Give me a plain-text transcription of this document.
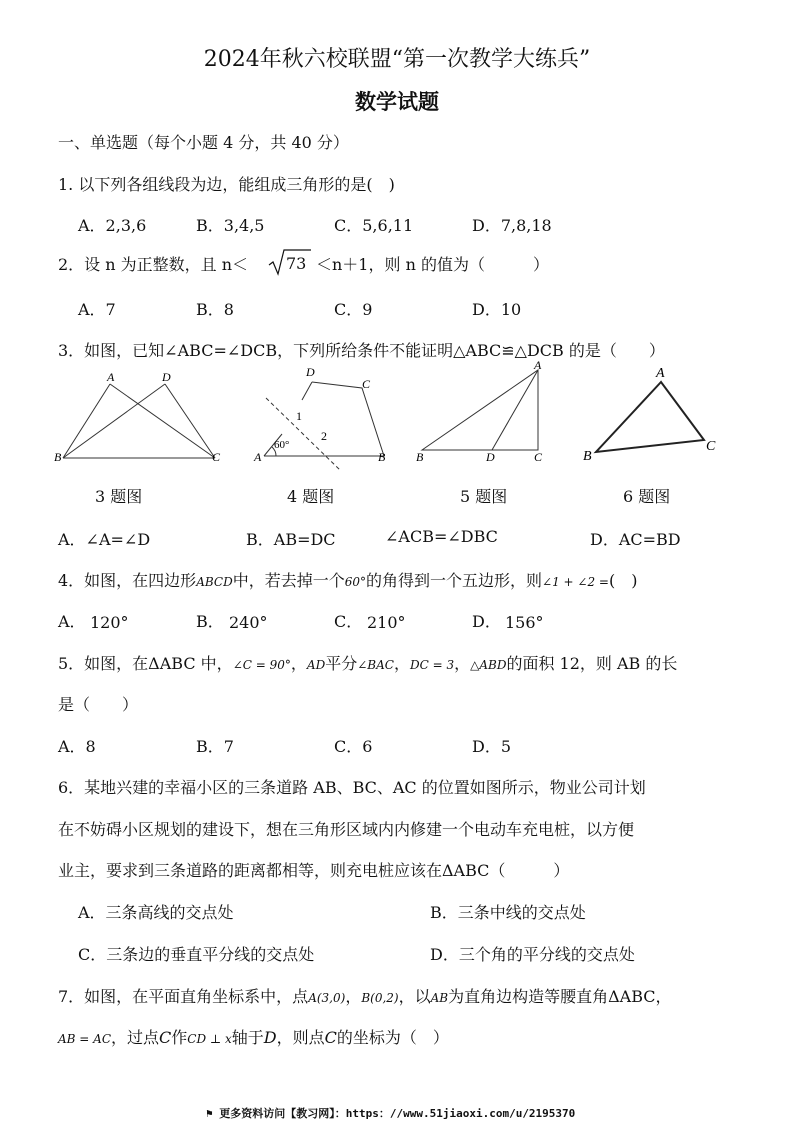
2024年秋六校联盟“第一次教学大练兵”
数学试题
一、单选题（每个小题 4 分，共 40 分）
1. 以下列各组线段为边，能组成三角形的是(　)
A．2,3,6	B．3,4,5	C．5,6,11	D．7,8,18
2．设 n 为正整数，且 n＜ 73 ＜n＋1，则 n 的值为（　　　）
A．7	B．8	C．9	D．10
3．如图，已知∠ABC=∠DCB，下列所给条件不能证明△ABC≌△DCB 的是（　　）
A	D
B	C
D
C
1
60°
2
A	B
A
B	D	C
A
B
C
3 题图	4 题图	5 题图	6 题图
A．∠A=∠D	B．AB=DC	∠ACB=∠DBC	D．AC=BD
4．如图，在四边形ABCD中，若去掉一个60°的角得到一个五边形，则∠1 + ∠2 =(　)
A． 120°	B． 240°	C． 210°	D． 156°
5．如图，在ΔABC 中，∠C = 90°，AD平分∠BAC，DC = 3，△ABD的面积 12，则 AB 的长
是（　　）
A．8	B．7	C．6	D．5
6．某地兴建的幸福小区的三条道路 AB、BC、AC 的位置如图所示，物业公司计划
在不妨碍小区规划的建设下，想在三角形区域内内修建一个电动车充电桩，以方便
业主，要求到三条道路的距离都相等，则充电桩应该在ΔABC（　　　）
A．三条高线的交点处	B．三条中线的交点处
C．三条边的垂直平分线的交点处	D．三个角的平分线的交点处
7．如图，在平面直角坐标系中，点A(3,0)，B(0,2)，以AB为直角边构造等腰直角ΔABC，
AB = AC，过点C作CD ⊥ x轴于D，则点C的坐标为（　）
⚑ 更多资料访问【教习网】：https：//www.51jiaoxi.com/u/2195370
